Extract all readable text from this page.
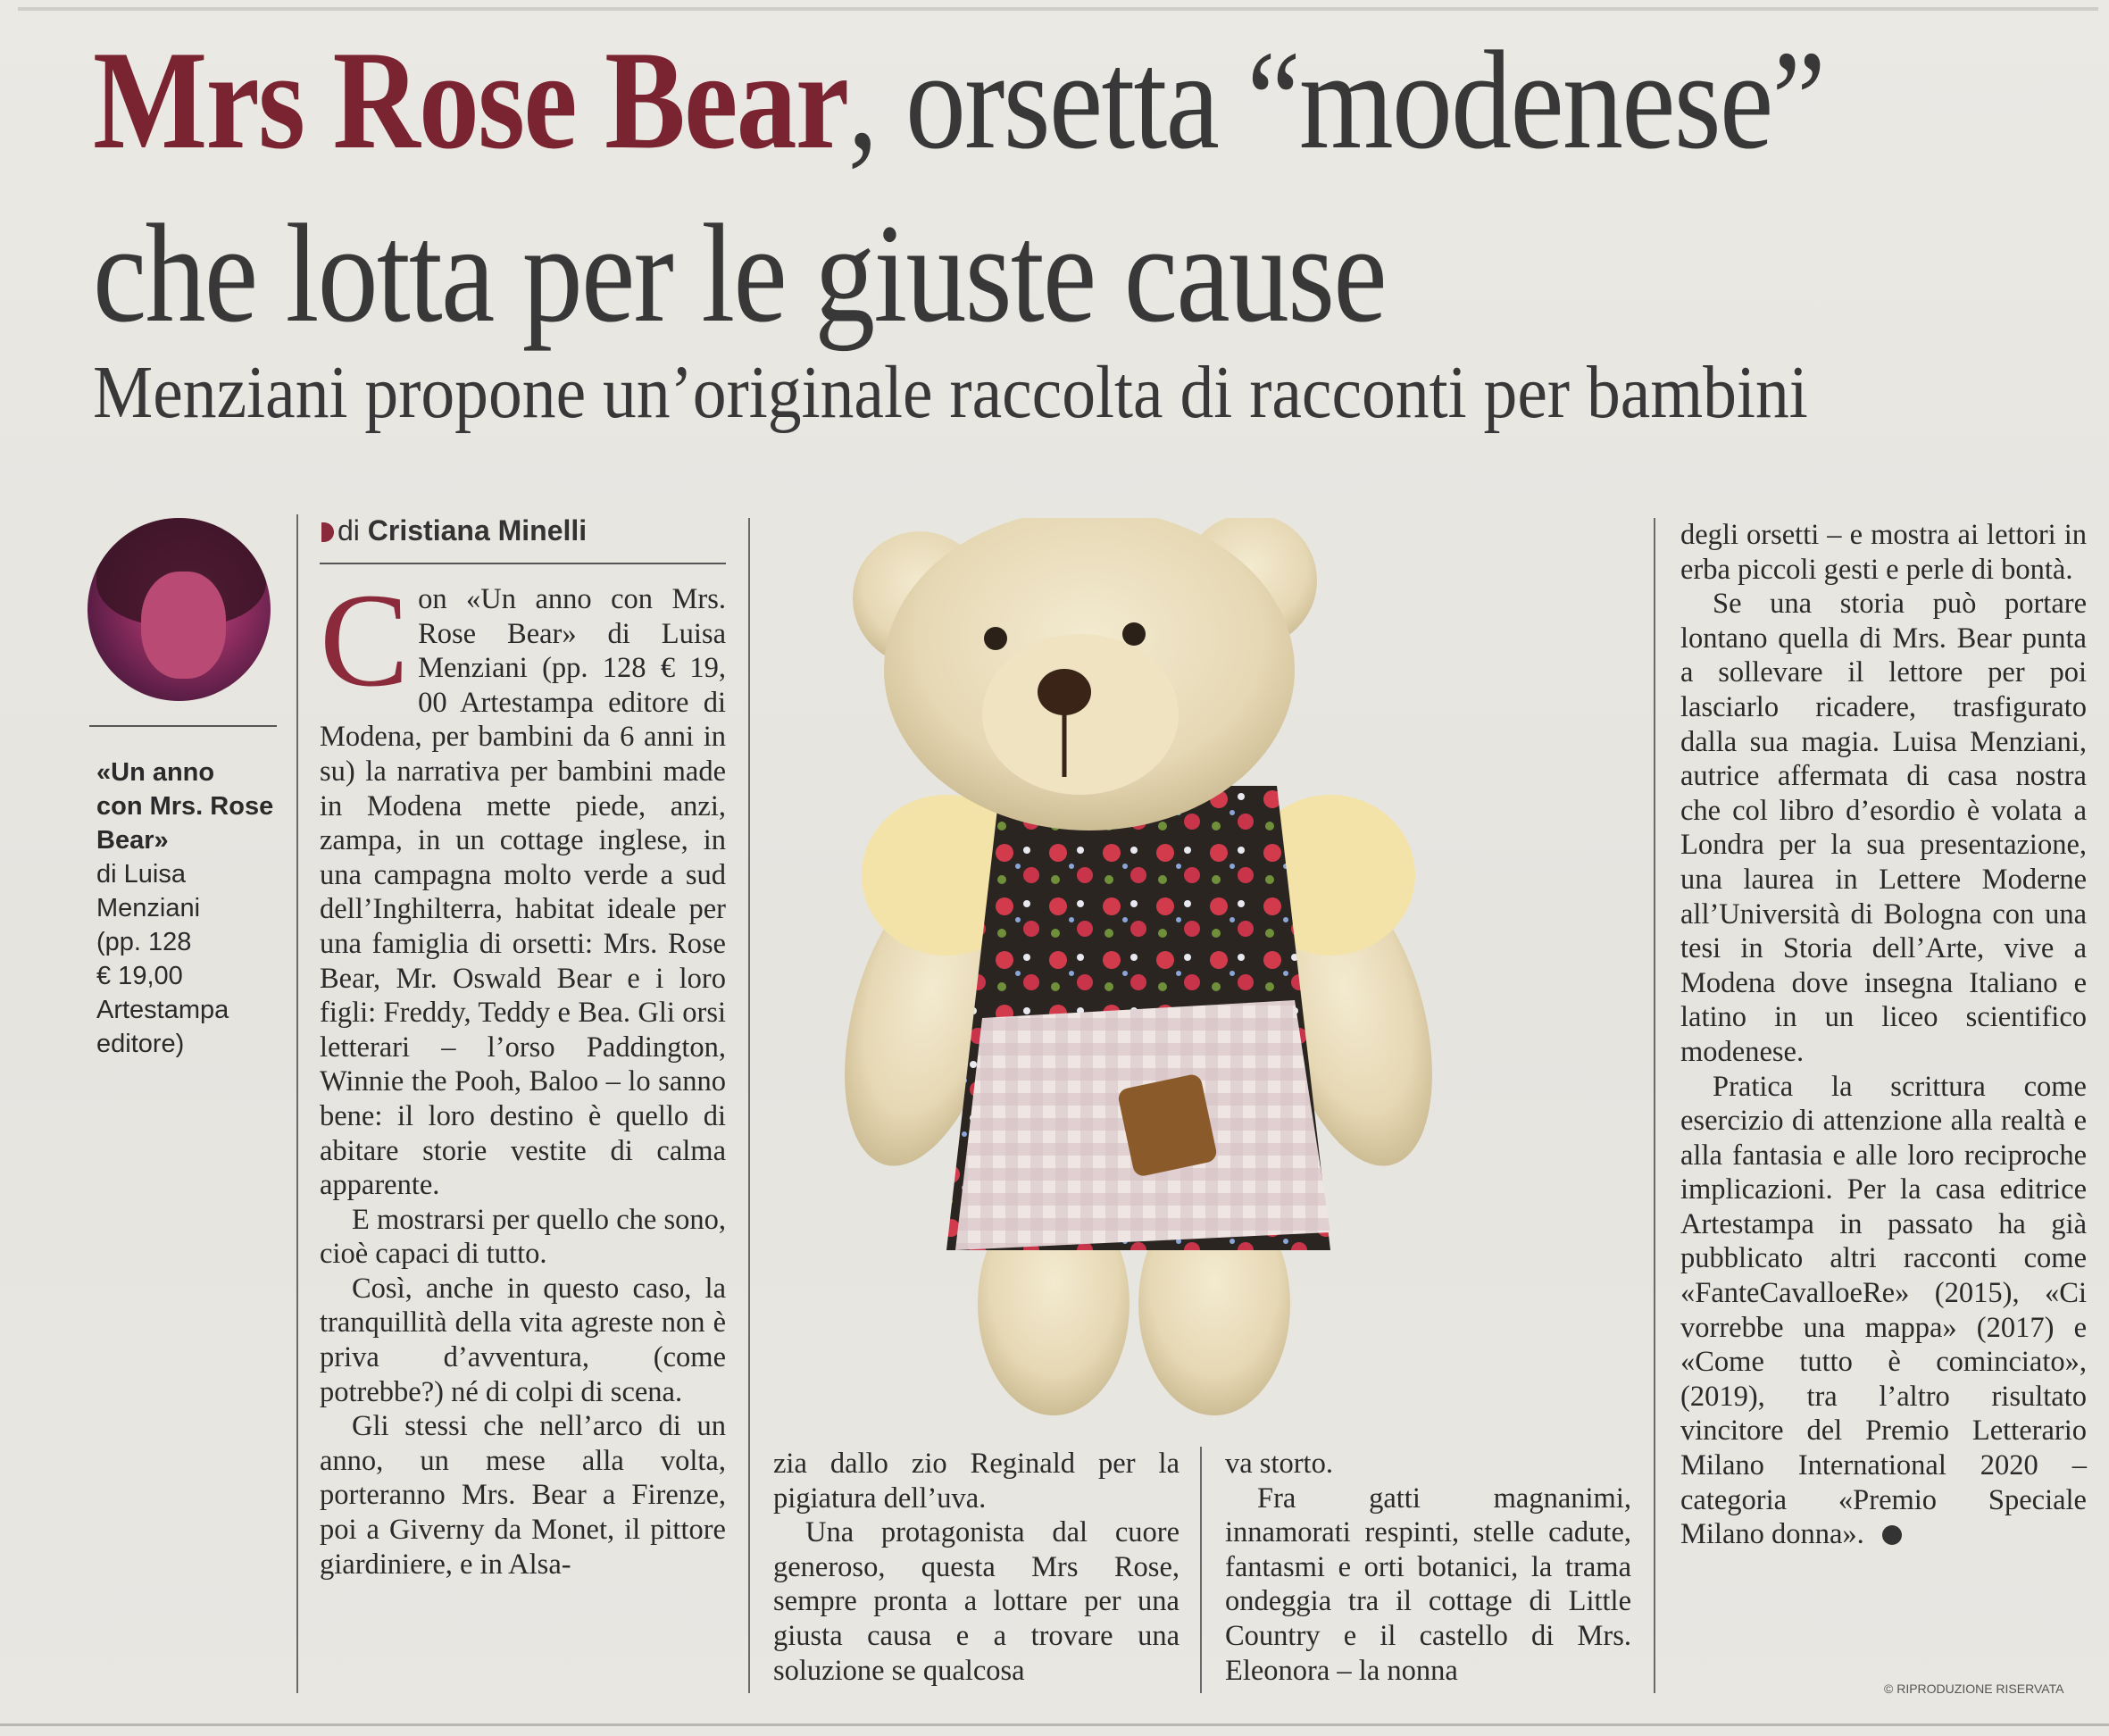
Mrs Rose Bear, orsetta “modenese”
che lotta per le giuste cause
Menziani propone un’originale raccolta di racconti per bambini
«Un anno
con Mrs. Rose
Bear»
di Luisa
Menziani
(pp. 128
€ 19,00
Artestampa
editore)
di Cristiana Minelli

Con «Un anno con Mrs. Rose Bear» di Luisa Menziani (pp. 128 € 19, 00 Artestampa editore di Modena, per bambini da 6 anni in su) la narrativa per bambini made in Modena mette piede, anzi, zampa, in un cottage inglese, in una campagna molto verde a sud dell’Inghilterra, habitat ideale per una famiglia di orsetti: Mrs. Rose Bear, Mr. Oswald Bear e i loro figli: Freddy, Teddy e Bea. Gli orsi letterari – l’orso Paddington, Winnie the Pooh, Baloo – lo sanno bene: il loro destino è quello di abitare storie vestite di calma apparente.

E mostrarsi per quello che sono, cioè capaci di tutto.

Così, anche in questo caso, la tranquillità della vita agreste non è priva d’avventura, (come potrebbe?) né di colpi di scena.

Gli stessi che nell’arco di un anno, un mese alla volta, porteranno Mrs. Bear a Firenze, poi a Giverny da Monet, il pittore giardiniere, e in Alsa-

zia dallo zio Reginald per la pigiatura dell’uva.

Una protagonista dal cuore generoso, questa Mrs Rose, sempre pronta a lottare per una giusta causa e a trovare una soluzione se qualcosa

va storto.

Fra gatti magnanimi, innamorati respinti, stelle cadute, fantasmi e orti botanici, la trama ondeggia tra il cottage di Little Country e il castello di Mrs. Eleonora – la nonna

degli orsetti – e mostra ai lettori in erba piccoli gesti e perle di bontà.

Se una storia può portare lontano quella di Mrs. Bear punta a sollevare il lettore per poi lasciarlo ricadere, trasfigurato dalla sua magia. Luisa Menziani, autrice affermata di casa nostra che col libro d’esordio è volata a Londra per la sua presentazione, una laurea in Lettere Moderne all’Università di Bologna con una tesi in Storia dell’Arte, vive a Modena dove insegna Italiano e latino in un liceo scientifico modenese.

Pratica la scrittura come esercizio di attenzione alla realtà e alla fantasia e alle loro reciproche implicazioni. Per la casa editrice Artestampa in passato ha già pubblicato altri racconti come «FanteCavalloeRe» (2015), «Ci vorrebbe una mappa» (2017) e «Come tutto è cominciato», (2019), tra l’altro risultato vincitore del Premio Letterario Milano International 2020 – categoria «Premio Speciale Milano donna».

© RIPRODUZIONE RISERVATA
